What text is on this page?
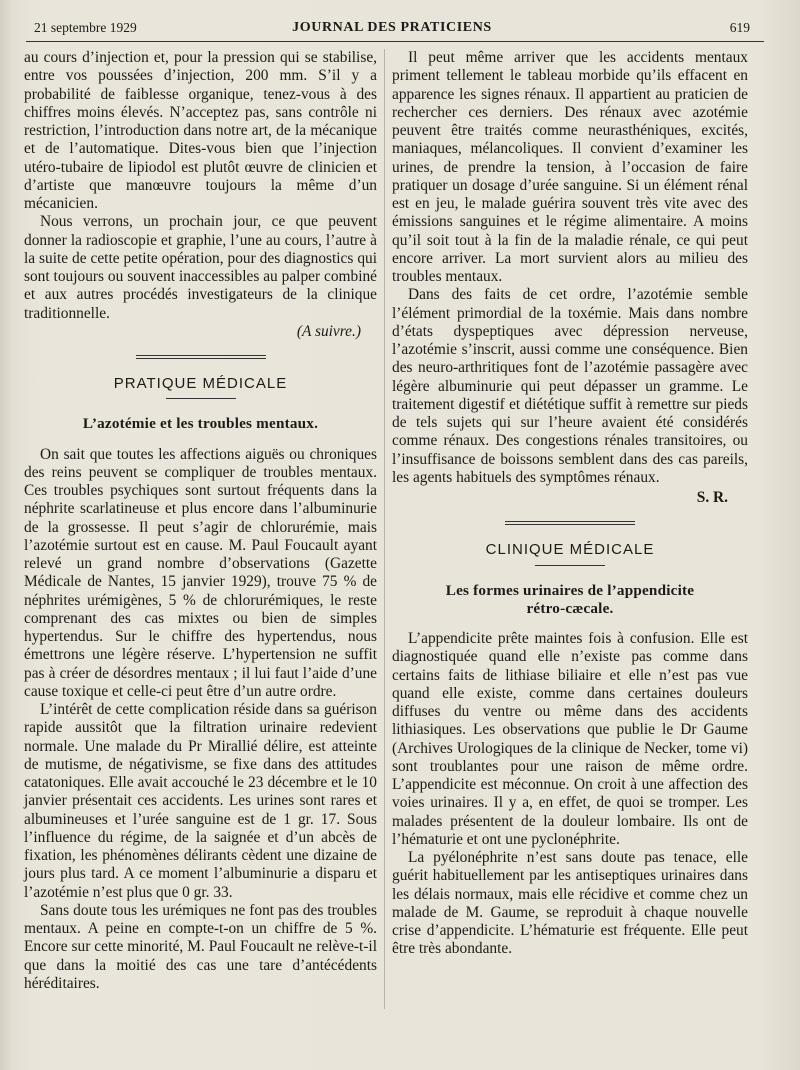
21 septembre 1929	JOURNAL DES PRATICIENS	619

au cours d’injection et, pour la pression qui se stabilise, entre vos poussées d’injection, 200 mm. S’il y a probabilité de faiblesse organique, tenez-vous à des chiffres moins élevés. N’acceptez pas, sans contrôle ni restriction, l’introduction dans notre art, de la mécanique et de l’automatique. Dites-vous bien que l’injection utéro-tubaire de lipiodol est plutôt œuvre de clinicien et d’artiste que manœuvre toujours la même d’un mécanicien.

Nous verrons, un prochain jour, ce que peuvent donner la radioscopie et graphie, l’une au cours, l’autre à la suite de cette petite opération, pour des diagnostics qui sont toujours ou souvent inaccessibles au palper combiné et aux autres procédés investigateurs de la clinique traditionnelle.

(A suivre.)

PRATIQUE MÉDICALE
L’azotémie et les troubles mentaux.

On sait que toutes les affections aiguës ou chroniques des reins peuvent se compliquer de troubles mentaux. Ces troubles psychiques sont surtout fréquents dans la néphrite scarlatineuse et plus encore dans l’albuminurie de la grossesse. Il peut s’agir de chlorurémie, mais l’azotémie surtout est en cause. M. Paul Foucault ayant relevé un grand nombre d’observations (Gazette Médicale de Nantes, 15 janvier 1929), trouve 75 % de néphrites urémigènes, 5 % de chlorurémiques, le reste comprenant des cas mixtes ou bien de simples hypertendus. Sur le chiffre des hypertendus, nous émettrons une légère réserve. L’hypertension ne suffit pas à créer de désordres mentaux ; il lui faut l’aide d’une cause toxique et celle-ci peut être d’un autre ordre.

L’intérêt de cette complication réside dans sa guérison rapide aussitôt que la filtration urinaire redevient normale. Une malade du Pr Mirallié délire, est atteinte de mutisme, de négativisme, se fixe dans des attitudes catatoniques. Elle avait accouché le 23 décembre et le 10 janvier présentait ces accidents. Les urines sont rares et albumineuses et l’urée sanguine est de 1 gr. 17. Sous l’influence du régime, de la saignée et d’un abcès de fixation, les phénomènes délirants cèdent une dizaine de jours plus tard. A ce moment l’albuminurie a disparu et l’azotémie n’est plus que 0 gr. 33.

Sans doute tous les urémiques ne font pas des troubles mentaux. A peine en compte-t-on un chiffre de 5 %. Encore sur cette minorité, M. Paul Foucault ne relève-t-il que dans la moitié des cas une tare d’antécédents héréditaires.

Il peut même arriver que les accidents mentaux priment tellement le tableau morbide qu’ils effacent en apparence les signes rénaux. Il appartient au praticien de rechercher ces derniers. Des rénaux avec azotémie peuvent être traités comme neurasthéniques, excités, maniaques, mélancoliques. Il convient d’examiner les urines, de prendre la tension, à l’occasion de faire pratiquer un dosage d’urée sanguine. Si un élément rénal est en jeu, le malade guérira souvent très vite avec des émissions sanguines et le régime alimentaire. A moins qu’il soit tout à la fin de la maladie rénale, ce qui peut encore arriver. La mort survient alors au milieu des troubles mentaux.

Dans des faits de cet ordre, l’azotémie semble l’élément primordial de la toxémie. Mais dans nombre d’états dyspeptiques avec dépression nerveuse, l’azotémie s’inscrit, aussi comme une conséquence. Bien des neuro-arthritiques font de l’azotémie passagère avec légère albuminurie qui peut dépasser un gramme. Le traitement digestif et diététique suffit à remettre sur pieds de tels sujets qui sur l’heure avaient été considérés comme rénaux. Des congestions rénales transitoires, ou l’insuffisance de boissons semblent dans des cas pareils, les agents habituels des symptômes rénaux.

S. R.
CLINIQUE MÉDICALE
Les formes urinaires de l’appendicite
rétro-cæcale.

L’appendicite prête maintes fois à confusion. Elle est diagnostiquée quand elle n’existe pas comme dans certains faits de lithiase biliaire et elle n’est pas vue quand elle existe, comme dans certaines douleurs diffuses du ventre ou même dans des accidents lithiasiques. Les observations que publie le Dr Gaume (Archives Urologiques de la clinique de Necker, tome vi) sont troublantes pour une raison de même ordre. L’appendicite est méconnue. On croit à une affection des voies urinaires. Il y a, en effet, de quoi se tromper. Les malades présentent de la douleur lombaire. Ils ont de l’hématurie et ont une pyclonéphrite.

La pyélonéphrite n’est sans doute pas tenace, elle guérit habituellement par les antiseptiques urinaires dans les délais normaux, mais elle récidive et comme chez un malade de M. Gaume, se reproduit à chaque nouvelle crise d’appendicite. L’hématurie est fréquente. Elle peut être très abondante.
